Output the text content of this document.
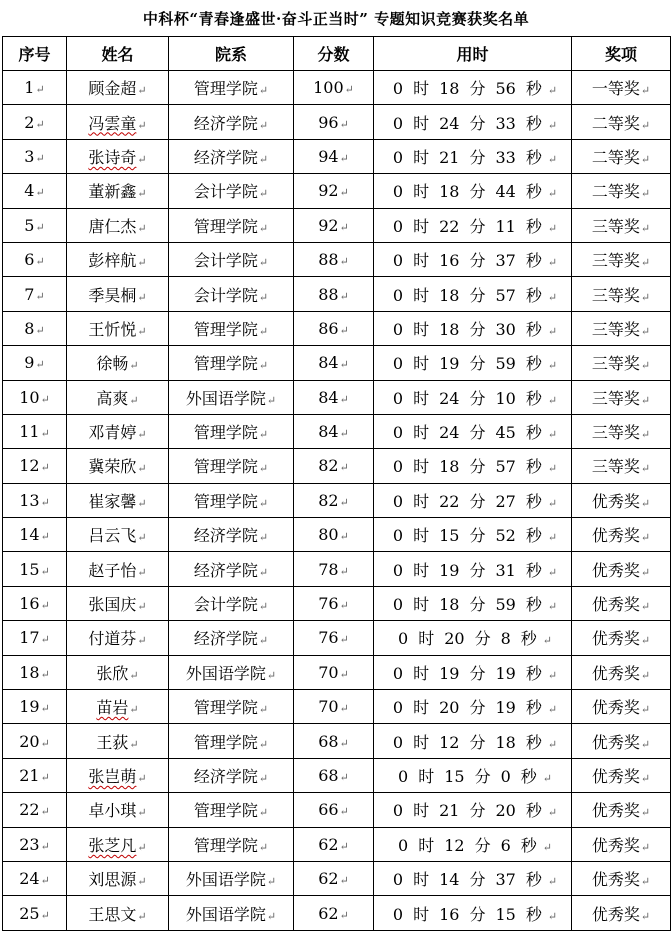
中科杯“青春逢盛世·奋斗正当时” 专题知识竞赛获奖名单
序号	姓名	院系	分数	用时	奖项
1↵	顾金超↵	管理学院↵	100↵	0 时 18 分 56 秒 ↵	一等奖↵
2↵	冯雲童↵	经济学院↵	96↵	0 时 24 分 33 秒 ↵	二等奖↵
3↵	张诗奇↵	经济学院↵	94↵	0 时 21 分 33 秒 ↵	二等奖↵
4↵	董新鑫↵	会计学院↵	92↵	0 时 18 分 44 秒 ↵	二等奖↵
5↵	唐仁杰↵	管理学院↵	92↵	0 时 22 分 11 秒 ↵	三等奖↵
6↵	彭梓航↵	会计学院↵	88↵	0 时 16 分 37 秒 ↵	三等奖↵
7↵	季昊桐↵	会计学院↵	88↵	0 时 18 分 57 秒 ↵	三等奖↵
8↵	王忻悦↵	管理学院↵	86↵	0 时 18 分 30 秒 ↵	三等奖↵
9↵	徐畅↵	管理学院↵	84↵	0 时 19 分 59 秒 ↵	三等奖↵
10↵	高爽↵	外国语学院↵	84↵	0 时 24 分 10 秒 ↵	三等奖↵
11↵	邓青婷↵	管理学院↵	84↵	0 时 24 分 45 秒 ↵	三等奖↵
12↵	冀荣欣↵	管理学院↵	82↵	0 时 18 分 57 秒 ↵	三等奖↵
13↵	崔家馨↵	管理学院↵	82↵	0 时 22 分 27 秒 ↵	优秀奖↵
14↵	吕云飞↵	经济学院↵	80↵	0 时 15 分 52 秒 ↵	优秀奖↵
15↵	赵子怡↵	经济学院↵	78↵	0 时 19 分 31 秒 ↵	优秀奖↵
16↵	张国庆↵	会计学院↵	76↵	0 时 18 分 59 秒 ↵	优秀奖↵
17↵	付道芬↵	经济学院↵	76↵	0 时 20 分 8 秒 ↵	优秀奖↵
18↵	张欣↵	外国语学院↵	70↵	0 时 19 分 19 秒 ↵	优秀奖↵
19↵	苗岩↵	管理学院↵	70↵	0 时 20 分 19 秒 ↵	优秀奖↵
20↵	王荻↵	管理学院↵	68↵	0 时 12 分 18 秒 ↵	优秀奖↵
21↵	张岂萌↵	经济学院↵	68↵	0 时 15 分 0 秒 ↵	优秀奖↵
22↵	卓小琪↵	管理学院↵	66↵	0 时 21 分 20 秒 ↵	优秀奖↵
23↵	张芝凡↵	管理学院↵	62↵	0 时 12 分 6 秒 ↵	优秀奖↵
24↵	刘思源↵	外国语学院↵	62↵	0 时 14 分 37 秒 ↵	优秀奖↵
25↵	王思文↵	外国语学院↵	62↵	0 时 16 分 15 秒 ↵	优秀奖↵
